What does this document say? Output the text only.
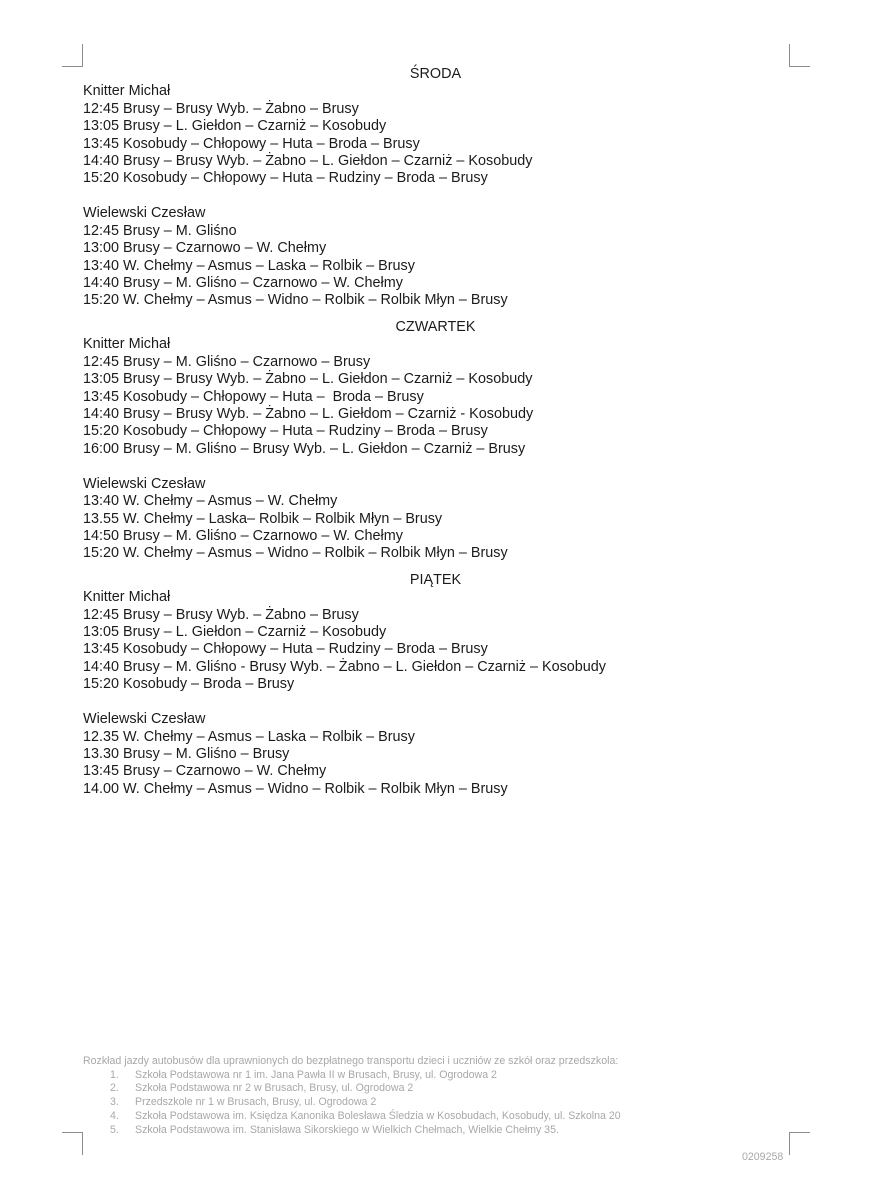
ŚRODA
Knitter Michał
12:45 Brusy – Brusy Wyb. – Żabno – Brusy
13:05 Brusy – L. Giełdon – Czarniż – Kosobudy
13:45 Kosobudy – Chłopowy – Huta – Broda – Brusy
14:40 Brusy – Brusy Wyb. – Żabno – L. Giełdon – Czarniż – Kosobudy
15:20 Kosobudy – Chłopowy – Huta – Rudziny – Broda – Brusy
Wielewski Czesław
12:45 Brusy – M. Gliśno
13:00 Brusy – Czarnowo – W. Chełmy
13:40 W. Chełmy – Asmus – Laska – Rolbik – Brusy
14:40 Brusy – M. Gliśno – Czarnowo – W. Chełmy
15:20 W. Chełmy – Asmus – Widno – Rolbik – Rolbik Młyn – Brusy
CZWARTEK
Knitter Michał
12:45 Brusy – M. Gliśno – Czarnowo – Brusy
13:05 Brusy – Brusy Wyb. – Żabno – L. Giełdon – Czarniż – Kosobudy
13:45 Kosobudy – Chłopowy – Huta –  Broda – Brusy
14:40 Brusy – Brusy Wyb. – Żabno – L. Giełdom – Czarniż - Kosobudy
15:20 Kosobudy – Chłopowy – Huta – Rudziny – Broda – Brusy
16:00 Brusy – M. Gliśno – Brusy Wyb. – L. Giełdon – Czarniż – Brusy
Wielewski Czesław
13:40 W. Chełmy – Asmus – W. Chełmy
13.55 W. Chełmy – Laska– Rolbik – Rolbik Młyn – Brusy
14:50 Brusy – M. Gliśno – Czarnowo – W. Chełmy
15:20 W. Chełmy – Asmus – Widno – Rolbik – Rolbik Młyn – Brusy
PIĄTEK
Knitter Michał
12:45 Brusy – Brusy Wyb. – Żabno – Brusy
13:05 Brusy – L. Giełdon – Czarniż – Kosobudy
13:45 Kosobudy – Chłopowy – Huta – Rudziny – Broda – Brusy
14:40 Brusy – M. Gliśno - Brusy Wyb. – Żabno – L. Giełdon – Czarniż – Kosobudy
15:20 Kosobudy – Broda – Brusy
Wielewski Czesław
12.35 W. Chełmy – Asmus – Laska – Rolbik – Brusy
13.30 Brusy – M. Gliśno – Brusy
13:45 Brusy – Czarnowo – W. Chełmy
14.00 W. Chełmy – Asmus – Widno – Rolbik – Rolbik Młyn – Brusy
Rozkład jazdy autobusów dla uprawnionych do bezpłatnego transportu dzieci i uczniów ze szkół oraz przedszkola:
1. Szkoła Podstawowa nr 1 im. Jana Pawła II w Brusach, Brusy, ul. Ogrodowa 2
2. Szkoła Podstawowa nr 2 w Brusach, Brusy, ul. Ogrodowa 2
3. Przedszkole nr 1 w Brusach, Brusy, ul. Ogrodowa 2
4. Szkoła Podstawowa im. Księdza Kanonika Bolesława Śledzia w Kosobudach, Kosobudy, ul. Szkolna 20
5. Szkoła Podstawowa im. Stanisława Sikorskiego w Wielkich Chełmach, Wielkie Chełmy 35.
0209258
